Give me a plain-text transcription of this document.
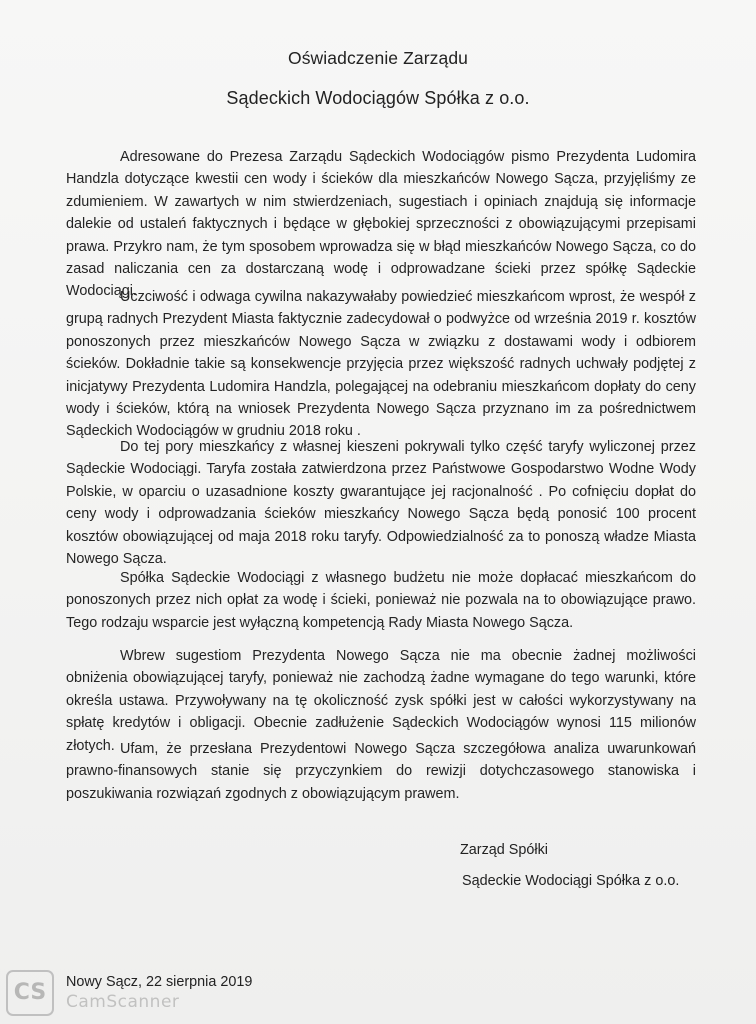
Oświadczenie Zarządu
Sądeckich Wodociągów Spółka z o.o.

Adresowane do Prezesa Zarządu Sądeckich Wodociągów pismo Prezydenta Ludomira Handzla dotyczące kwestii cen wody i ścieków dla mieszkańców Nowego Sącza, przyjęliśmy ze zdumieniem. W zawartych w nim stwierdzeniach, sugestiach i opiniach znajdują się informacje dalekie od ustaleń faktycznych i będące w głębokiej sprzeczności z obowiązującymi przepisami prawa. Przykro nam, że tym sposobem wprowadza się w błąd mieszkańców Nowego Sącza, co do zasad naliczania cen za dostarczaną wodę i odprowadzane ścieki przez spółkę Sądeckie Wodociągi.

Uczciwość i odwaga cywilna nakazywałaby powiedzieć mieszkańcom wprost, że wespół z grupą radnych Prezydent Miasta faktycznie zadecydował o podwyżce od września 2019 r. kosztów ponoszonych przez mieszkańców Nowego Sącza w związku z dostawami wody i odbiorem ścieków. Dokładnie takie są konsekwencje przyjęcia przez większość radnych uchwały podjętej z inicjatywy Prezydenta Ludomira Handzla, polegającej na odebraniu mieszkańcom dopłaty do ceny wody i ścieków, którą na wniosek Prezydenta Nowego Sącza przyznano im za pośrednictwem Sądeckich Wodociągów w grudniu 2018 roku .

Do tej pory mieszkańcy z własnej kieszeni pokrywali tylko część taryfy wyliczonej przez Sądeckie Wodociągi. Taryfa została zatwierdzona przez Państwowe Gospodarstwo Wodne Wody Polskie, w oparciu o uzasadnione koszty gwarantujące jej racjonalność . Po cofnięciu dopłat do ceny wody i odprowadzania ścieków mieszkańcy Nowego Sącza będą ponosić 100 procent kosztów obowiązującej od maja 2018 roku taryfy. Odpowiedzialność za to ponoszą władze Miasta Nowego Sącza.

Spółka Sądeckie Wodociągi z własnego budżetu nie może dopłacać mieszkańcom do ponoszonych przez nich opłat za wodę i ścieki, ponieważ nie pozwala na to obowiązujące prawo. Tego rodzaju wsparcie jest wyłączną kompetencją Rady Miasta Nowego Sącza.

Wbrew sugestiom Prezydenta Nowego Sącza nie ma obecnie żadnej możliwości obniżenia obowiązującej taryfy, ponieważ nie zachodzą żadne wymagane do tego warunki, które określa ustawa. Przywoływany na tę okoliczność zysk spółki jest w całości wykorzystywany na spłatę kredytów i obligacji. Obecnie zadłużenie Sądeckich Wodociągów wynosi 115 milionów złotych. Ufam, że przesłana Prezydentowi Nowego Sącza szczegółowa analiza uwarunkowań prawno-finansowych stanie się przyczynkiem do rewizji dotychczasowego stanowiska i poszukiwania rozwiązań zgodnych z obowiązującym prawem.

Zarząd Spółki
Sądeckie Wodociągi Spółka z o.o.
Nowy Sącz, 22 sierpnia 2019
CS	CamScanner
